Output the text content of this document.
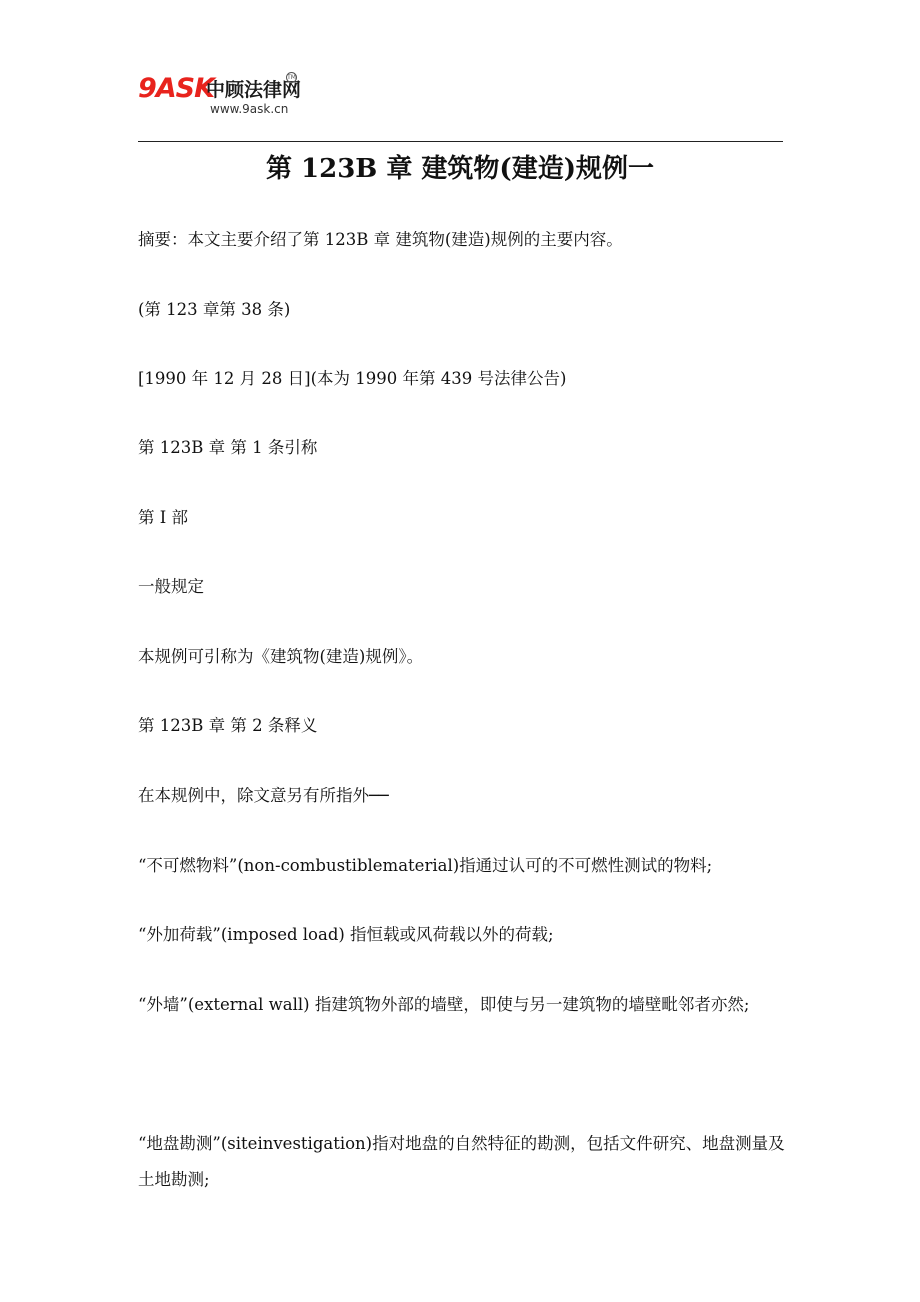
9ASK
中顾法律网
TM
www.9ask.cn
第 123B 章 建筑物(建造)规例一

摘要：本文主要介绍了第 123B 章 建筑物(建造)规例的主要内容。

(第 123 章第 38 条)

[1990 年 12 月 28 日](本为 1990 年第 439 号法律公告)

第 123B 章 第 1 条引称

第 I 部

一般规定

本规例可引称为《建筑物(建造)规例》。

第 123B 章 第 2 条释义

在本规例中，除文意另有所指外──

“不可燃物料”(non-combustiblematerial)指通过认可的不可燃性测试的物料;

“外加荷载”(imposed load) 指恒载或风荷载以外的荷载;

“外墙”(external wall) 指建筑物外部的墙壁，即使与另一建筑物的墙壁毗邻者亦然;

“地盘勘测”(siteinvestigation)指对地盘的自然特征的勘测，包括文件研究、地盘测量及土地勘测;
